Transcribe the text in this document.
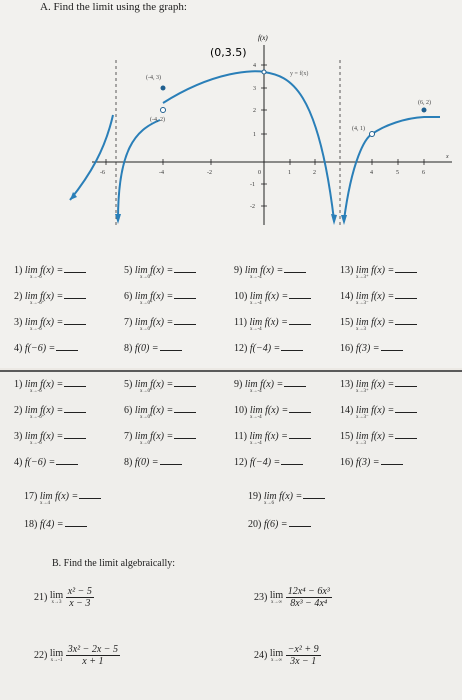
A. Find the limit using the graph:
f(x)
y = f(x)
(0,3.5)
(-4, 3)
(-4, 2)
(4, 1)
(6, 2)
-6	-4	-2	0	1	2	4	5	6
x
4
3
2
1
-1
-2
1) lim f(x) =
x→-6
5) lim f(x) =
x→0⁻
9) lim f(x) =
x→-4
13) lim f(x) =
x→3⁺
2) lim f(x) =
x→-6⁺
6) lim f(x) =
x→0⁺
10) lim f(x) =
x→-4
14) lim f(x) =
x→3⁻
3) lim f(x) =
x→-6
7) lim f(x) =
x→0
11) lim f(x) =
x→-4
15) lim f(x) =
x→3
4) f(−6) =	8) f(0) =	12) f(−4) =	16) f(3) =
1) lim f(x) =
x→-6
5) lim f(x) =
x→0⁻
9) lim f(x) =
x→-4
13) lim f(x) =
x→3⁺
2) lim f(x) =
x→-6⁺
6) lim f(x) =
x→0⁺
10) lim f(x) =
x→-4
14) lim f(x) =
x→3⁻
3) lim f(x) =
x→-6
7) lim f(x) =
x→0
11) lim f(x) =
x→-4
15) lim f(x) =
x→3
4) f(−6) =	8) f(0) =	12) f(−4) =	16) f(3) =
17) lim f(x) =
x→4
19) lim f(x) =
x→6
18) f(4) =	20) f(6) =
B. Find the limit algebraically:
21) lim
x→3
$\frac{\text{x² − 5}}{x - 3}$	23) lim
x→∞
$\frac{\text{12x⁴ − 6x³}}{\text{8x³ − 4x⁴}}$
22) lim
x→-1
$\frac{\text{3x² − 2x − 5}}{x + 1}$	24) lim
x→∞
$\frac{\text{−x² + 9}}{3x - 1}$
